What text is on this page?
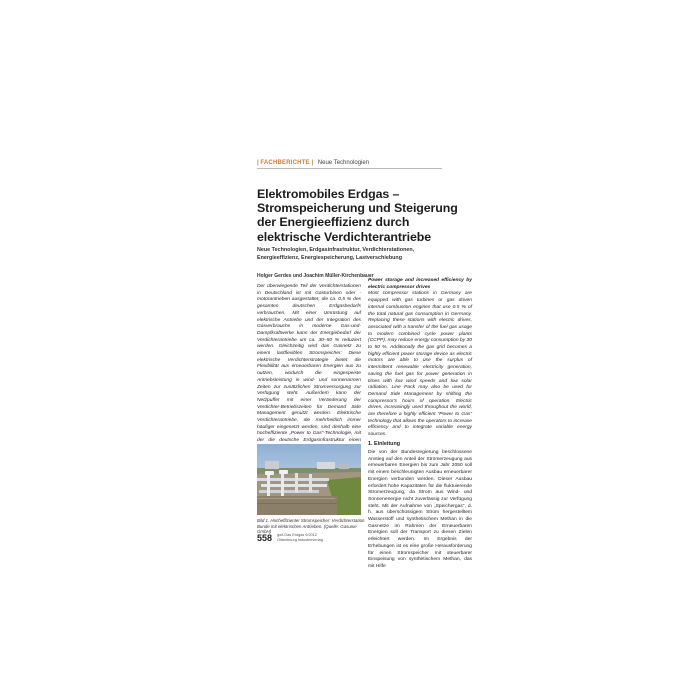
| FACHBERICHTE | Neue Technologien
Elektromobiles Erdgas – Stromspeicherung und Steigerung der Energieeffizienz durch elektrische Verdichterantriebe
Neue Technologien, Erdgasinfrastruktur, Verdichterstationen, Energieeffizienz, Energiespeicherung, Lastverschiebung
Holger Gerdes und Joachim Müller-Kirchenbauer
Der überwiegende Teil der Verdichterstationen in Deutschland ist mit Gasturbinen oder -motorantrieben ausgestattet, die ca. 0,5 % des gesamten deutschen Erdgasbedarfs verbrauchen. Mit einer Umrüstung auf elektrische Antriebe und der Integration des Gasverbrauchs in moderne Gas-und-Dampfkraftwerke kann der Energiebedarf der Verdichterantriebe um ca. 30–50 % reduziert werden. Gleichzeitig wird das Gasnetz zu einem lastflexiblen Stromspeicher: Diese elektrische Verdichterstrategie bietet die Flexibilität aus erneuerbaren Energien aus zu nutzen, wodurch die eingespeiste Antriebsleistung in wind- und sonnenarmen Zeiten zur zusätzlichen Stromversorgung zur Verfügung steht. Außerdem kann der Netzpuffer mit einer Veränderung der Verdichter-Betriebszeiten für Demand Side Management genutzt werden. Elektrische Verdichterantriebe, die mehrheitlich immer häufiger eingesetzt werden, sind deshalb eine hocheffiziente „Power to Gas“-Technologie, mit der die deutsche Erdgasinfrastruktur einen
Power storage and increased efficiency by electric compressor drives
Most compressor stations in Germany are equipped with gas turbines or gas driven internal combustion engines that use 0.5 % of the total natural gas consumption in Germany. Replacing these stations with electric drives, associated with a transfer of the fuel gas usage to modern combined cycle power plants (CCPP), may reduce energy consumption by 30 to 50 %. Additionally the gas grid becomes a highly efficient power storage device as electric motors are able to use the surplus of intermittent renewable electricity generation, saving the fuel gas for power generation in times with low wind speeds and low solar radiation. Line Pack may also be used for Demand Side Management by shifting the compressor's hours of operation. Electric drives, increasingly used throughout the world, are therefore a highly efficient “Power to Gas” technology that allows the operators to increase efficiency and to integrate variable energy sources.
Bild 1. Hocheffizienter Stromspeicher: Verdichterstation Bunde mit elektrischen Antrieben. (Quelle: Gasunie GmbH)
558 gwf-Gas Erdgas 9/2012
Oldenbourg Industrieverlag
1. Einleitung
Die von der Bundesregierung beschlossene Anstieg auf den Anteil der Stromerzeugung aus erneuerbaren Energien bis zum Jahr 2050 soll mit einem beschleunigten Ausbau erneuerbarer Energien verbunden werden. Dieser Ausbau erfordert hohe Kapazitäten für die fluktuierende Stromerzeugung, da Strom aus Wind- und Sonnenenergie nicht zuverlässig zur Verfügung steht. Mit der Aufnahme von „Speichergas“, d. h. aus überschüssigem Strom hergestelltem Wasserstoff und synthetischem Methan in die Gasnetze im Rahmen der Erneuerbaren Energien soll der Transport zu diesen Zielen erleichtert werden. Im Ergebnis der Erhebungen ist es eine große Herausforderung für einen Stromspeicher mit steuerbarer Einspeisung von synthetischem Methan, das mit Hilfe
